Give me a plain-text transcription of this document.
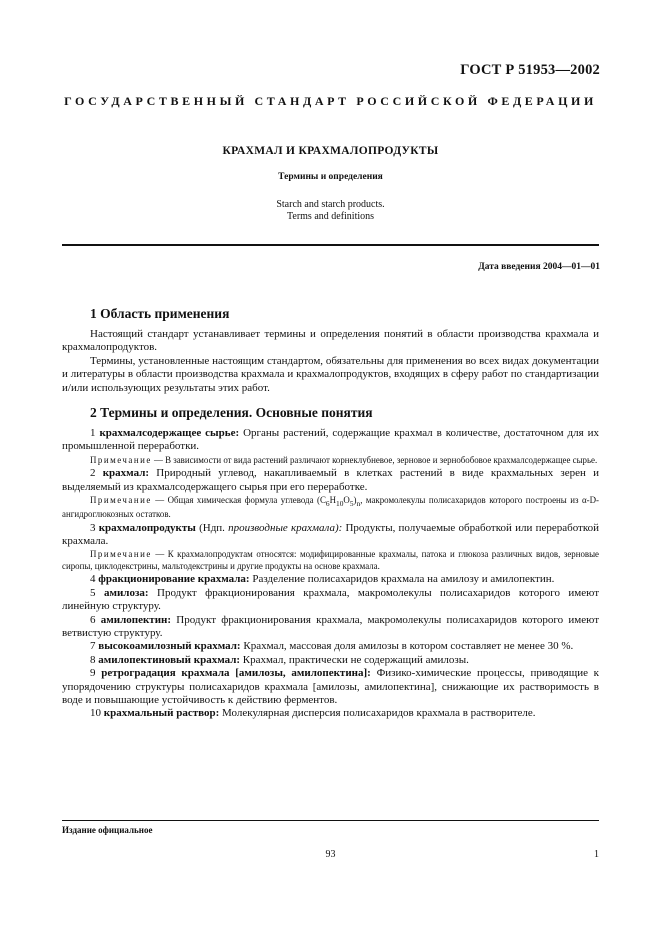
ГОСТ Р 51953—2002
ГОСУДАРСТВЕННЫЙ СТАНДАРТ РОССИЙСКОЙ ФЕДЕРАЦИИ
КРАХМАЛ И КРАХМАЛОПРОДУКТЫ
Термины и определения
Starch and starch products.
Terms and definitions
Дата введения 2004—01—01
1 Область применения

Настоящий стандарт устанавливает термины и определения понятий в области производства крахмала и крахмалопродуктов.

Термины, установленные настоящим стандартом, обязательны для применения во всех видах документации и литературы в области производства крахмала и крахмалопродуктов, входящих в сферу работ по стандартизации и/или использующих результаты этих работ.

2 Термины и определения. Основные понятия

1 крахмалсодержащее сырье: Органы растений, содержащие крахмал в количестве, достаточном для их промышленной переработки.

Примечание — В зависимости от вида растений различают корнеклубневое, зерновое и зернобобовое крахмалсодержащее сырье.

2 крахмал: Природный углевод, накапливаемый в клетках растений в виде крахмальных зерен и выделяемый из крахмалсодержащего сырья при его переработке.

Примечание — Общая химическая формула углевода $(C_6H_{10}O_5)_n$, макромолекулы полисахаридов которого построены из α-D-ангидроглюкозных остатков.

3 крахмалопродукты (Ндп. производные крахмала): Продукты, получаемые обработкой или переработкой крахмала.

Примечание — К крахмалопродуктам относятся: модифицированные крахмалы, патока и глюкоза различных видов, зерновые сиропы, циклодекстрины, мальтодекстрины и другие продукты на основе крахмала.

4 фракционирование крахмала: Разделение полисахаридов крахмала на амилозу и амилопектин.

5 амилоза: Продукт фракционирования крахмала, макромолекулы полисахаридов которого имеют линейную структуру.

6 амилопектин: Продукт фракционирования крахмала, макромолекулы полисахаридов которого имеют ветвистую структуру.

7 высокоамилозный крахмал: Крахмал, массовая доля амилозы в котором составляет не менее 30 %.

8 амилопектиновый крахмал: Крахмал, практически не содержащий амилозы.

9 ретроградация крахмала [амилозы, амилопектина]: Физико-химические процессы, приводящие к упорядочению структуры полисахаридов крахмала [амилозы, амилопектина], снижающие их растворимость в воде и повышающие устойчивость к действию ферментов.

10 крахмальный раствор: Молекулярная дисперсия полисахаридов крахмала в растворителе.

Издание официальное
93	1
